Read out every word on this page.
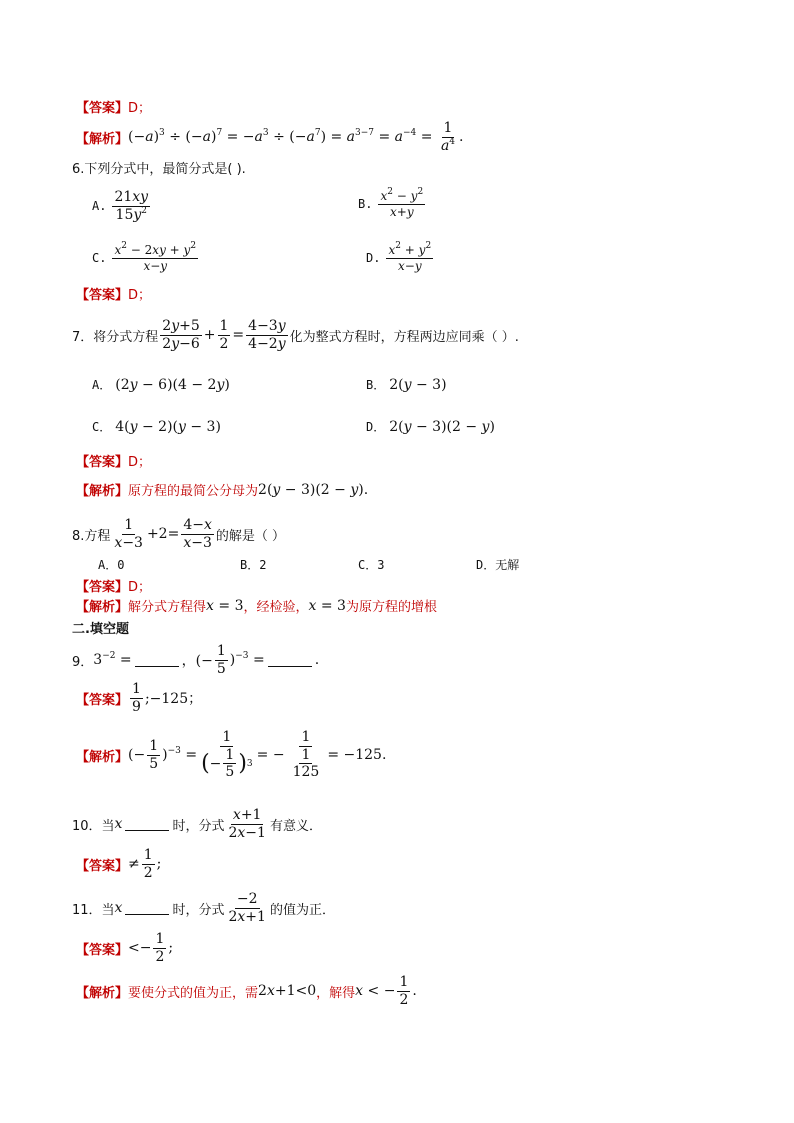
【答案】 D；
【解析】 $(-a)^3 \div (-a)^7 = -a^3 \div (-a^7) = a^{3-7} = a^{-4} = \frac{1}{a^4}$ .
6.下列分式中，最简分式是( ).
A. $\frac{21xy}{15y^2}$	B. $\frac{x^2 - y^2}{x+y}$
C. $\frac{x^2 - 2xy + y^2}{x-y}$	D. $\frac{x^2 + y^2}{x-y}$
【答案】 D；
7．将分式方程 $\frac{2y+5}{2y-6} + \frac{1}{2} = \frac{4-3y}{4-2y}$ 化为整式方程时，方程两边应同乘（ ）.
A． (2y − 6)(4 − 2y)	B． 2(y − 3)
C． 4(y − 2)(y − 3)	D． 2(y − 3)(2 − y)
【答案】 D；
【解析】 原方程的最简公分母为 2(y − 3)(2 − y).
8.方程 $\frac{1}{x-3} +2= \frac{4-x}{x-3}$ 的解是（ ）
A．0	B．2	C．3	D．无解
【答案】 D；
【解析】 解分式方程得 x = 3 ，经检验， x = 3 为原方程的增根
二.填空题
9． $3^{-2}$ =	，(− $\frac{1}{5} )^{-3}$ =	.
【答案】 $\frac{1}{9}$ ;−125；
【解析】 (− $\frac{1}{5} )^{-3} = \frac{1}{( - \frac{1}{5} ) 3}$ = − $\frac{1}{\frac{1}{125}} = -125$.
10．当 x	时，分式 $\frac{x+1}{2x-1}$ 有意义．
【答案】 ≠ $\frac{1}{2}$ ;
11．当 x	时，分式 $\frac{-2}{2x+1}$ 的值为正．
【答案】 <− $\frac{1}{2}$ ;
【解析】 要使分式的值为正，需 2x+1<0 ，解得 x < − $\frac{1}{2}$ .
